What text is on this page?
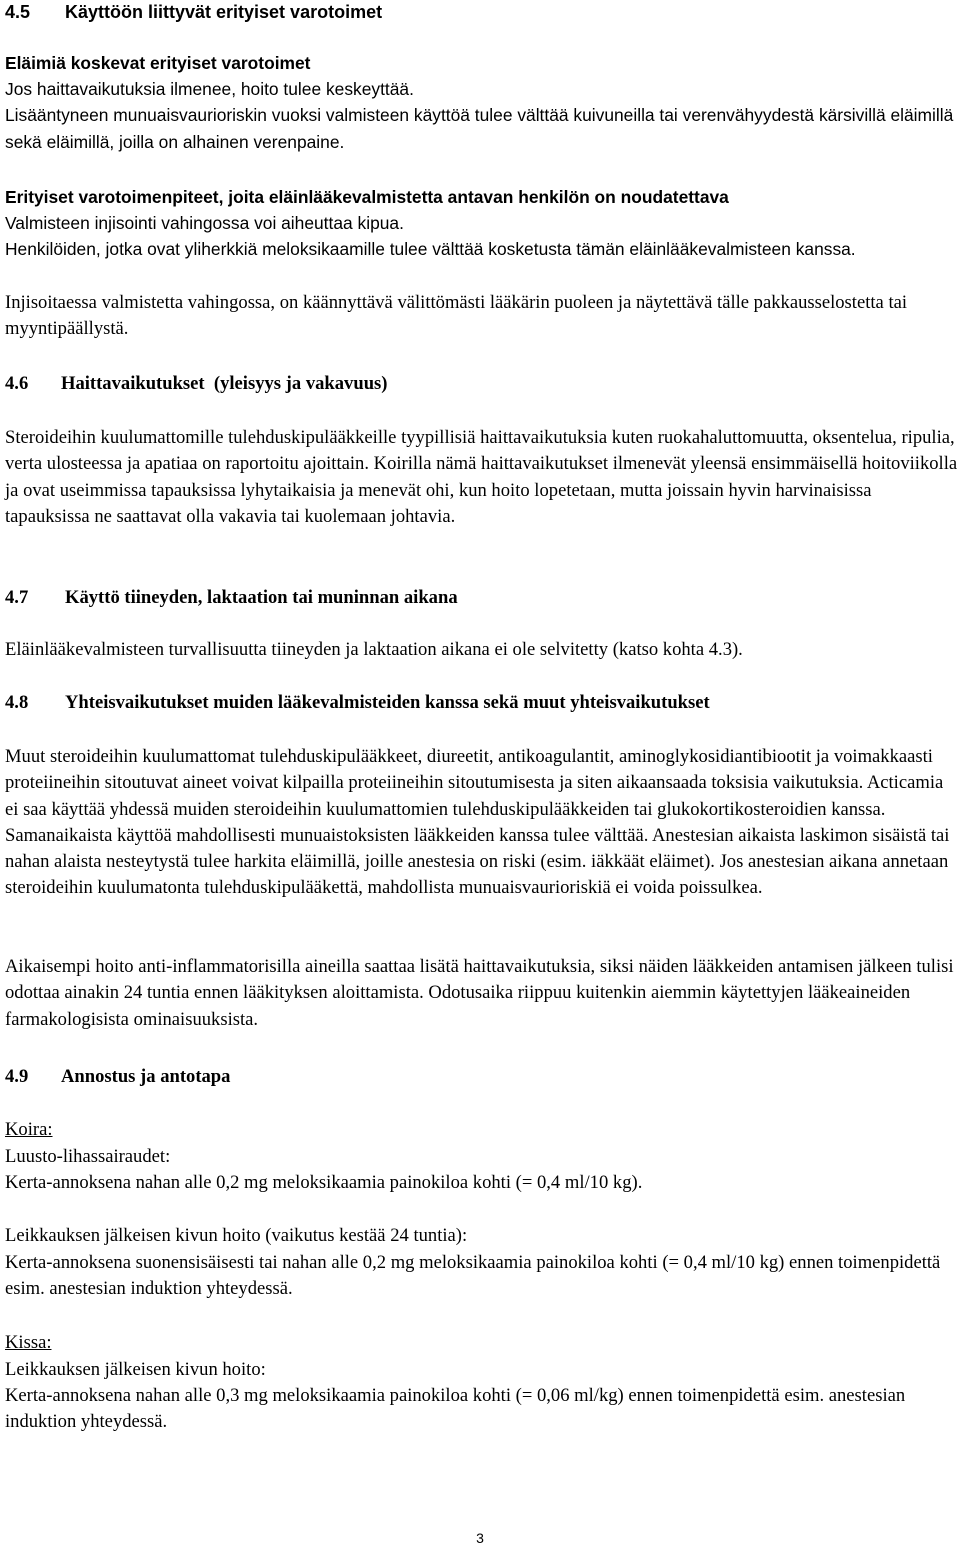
4.5 Käyttöön liittyvät erityiset varotoimet
Eläimiä koskevat erityiset varotoimet
Jos haittavaikutuksia ilmenee, hoito tulee keskeyttää.
Lisääntyneen munuaisvaurioriskin vuoksi valmisteen käyttöä tulee välttää kuivuneilla tai verenvähyydestä kärsivillä eläimillä sekä eläimillä, joilla on alhainen verenpaine.
Erityiset varotoimenpiteet, joita eläinlääkevalmistetta antavan henkilön on noudatettava
Valmisteen injisointi vahingossa voi aiheuttaa kipua.
Henkilöiden, jotka ovat yliherkkiä meloksikaamille tulee välttää kosketusta tämän eläinlääkevalmisteen kanssa.
Injisoitaessa valmistetta vahingossa, on käännyttävä välittömästi lääkärin puoleen ja näytettävä tälle pakkausselostetta tai myyntipäällystä.
4.6 Haittavaikutukset  (yleisyys ja vakavuus)
Steroideihin kuulumattomille tulehduskipulääkkeille tyypillisiä haittavaikutuksia kuten ruokahaluttomuutta, oksentelua, ripulia, verta ulosteessa ja apatiaa on raportoitu ajoittain. Koirilla nämä haittavaikutukset ilmenevät yleensä ensimmäisellä hoitoviikolla ja ovat useimmissa tapauksissa lyhytaikaisia ja menevät ohi, kun hoito lopetetaan, mutta joissain hyvin harvinaisissa tapauksissa ne saattavat olla vakavia tai kuolemaan johtavia.
4.7 Käyttö tiineyden, laktaation tai muninnan aikana
Eläinlääkevalmisteen turvallisuutta tiineyden ja laktaation aikana ei ole selvitetty (katso kohta 4.3).
4.8 Yhteisvaikutukset muiden lääkevalmisteiden kanssa sekä muut yhteisvaikutukset
Muut steroideihin kuulumattomat tulehduskipulääkkeet, diureetit, antikoagulantit, aminoglykosidiantibiootit ja voimakkaasti proteiineihin sitoutuvat aineet voivat kilpailla proteiineihin sitoutumisesta ja siten aikaansaada toksisia vaikutuksia. Acticamia ei saa käyttää yhdessä muiden steroideihin kuulumattomien tulehduskipulääkkeiden tai glukokortikosteroidien kanssa. Samanaikaista käyttöä mahdollisesti munuaistoksisten lääkkeiden kanssa tulee välttää. Anestesian aikaista laskimon sisäistä tai nahan alaista nesteytystä tulee harkita eläimillä, joille anestesia on riski (esim. iäkkäät eläimet). Jos anestesian aikana annetaan steroideihin kuulumatonta tulehduskipulääkettä, mahdollista munuaisvaurioriskiä ei voida poissulkea.
Aikaisempi hoito anti-inflammatorisilla aineilla saattaa lisätä haittavaikutuksia, siksi näiden lääkkeiden antamisen jälkeen tulisi odottaa ainakin 24 tuntia ennen lääkityksen aloittamista. Odotusaika riippuu kuitenkin aiemmin käytettyjen lääkeaineiden farmakologisista ominaisuuksista.
4.9 Annostus ja antotapa
Koira:
Luusto-lihassairaudet:
Kerta-annoksena nahan alle 0,2 mg meloksikaamia painokiloa kohti (= 0,4 ml/10 kg).
Leikkauksen jälkeisen kivun hoito (vaikutus kestää 24 tuntia):
Kerta-annoksena suonensisäisesti tai nahan alle 0,2 mg meloksikaamia painokiloa kohti (= 0,4 ml/10 kg) ennen toimenpidettä esim. anestesian induktion yhteydessä.
Kissa:
Leikkauksen jälkeisen kivun hoito:
Kerta-annoksena nahan alle 0,3 mg meloksikaamia painokiloa kohti (= 0,06 ml/kg) ennen toimenpidettä esim. anestesian induktion yhteydessä.
3
